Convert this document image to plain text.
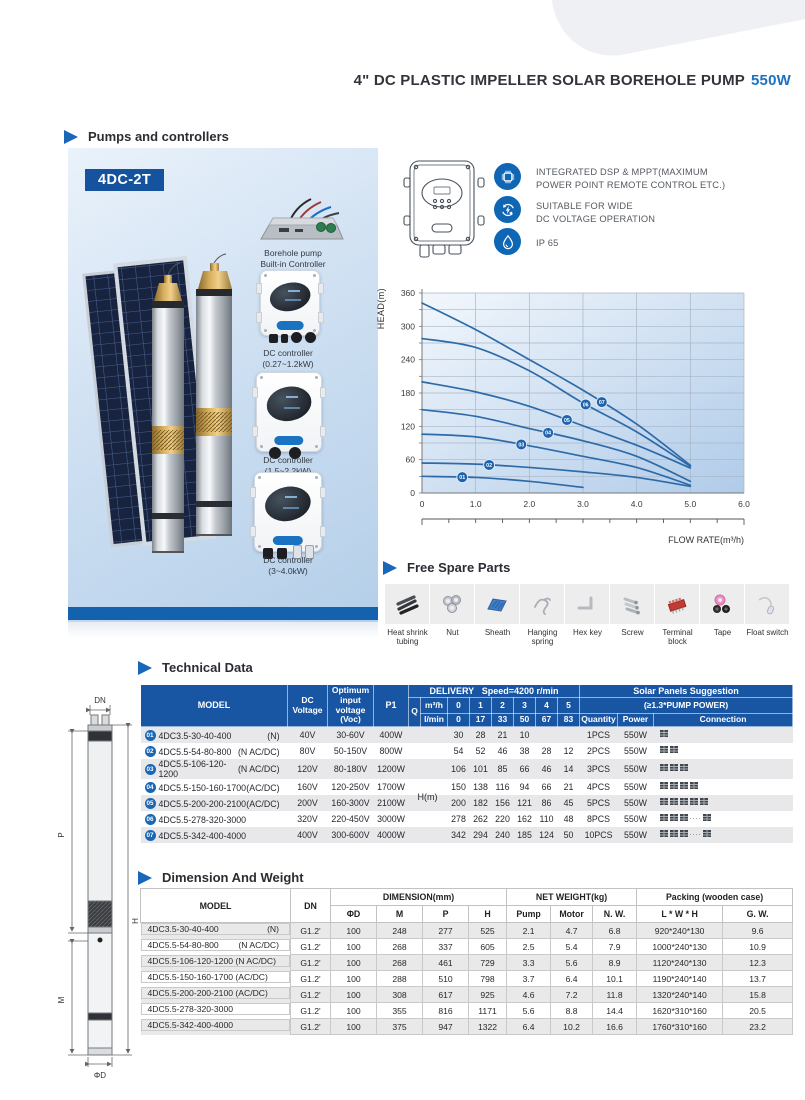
4" DC PLASTIC IMPELLER SOLAR BOREHOLE PUMP 550W
Pumps and controllers
Free Spare Parts
Technical Data
Dimension And Weight
4DC-2T
Borehole pump
Built-in Controller
DC controller
(0.27~1.2kW)
DC controller

DC controller
(3~4.0kW)
INTEGRATED DSP & MPPT(MAXIMUM
POWER POINT REMOTE CONTROL ETC.)
SUITABLE FOR WIDE
DC VOLTAGE OPERATION
IP 65
HEAD(m)
0
60
120
180
240
300
360
0	1.0	2.0	3.0	4.0	5.0	6.0
FLOW RATE(m³/h)
01
02
03
04
05
06 07
Heat shrink tubing
Nut	Sheath	Hanging spring
Hex key	Screw	Terminal block
Tape	Float switch
MODEL	DC Voltage	Optimum input voltage (Voc)	P1	DELIVERY Speed=4200 r/min								Solar Panels Suggestion		
				Q	m³/h	0	1	2	3	4	5	(≥1.3*PUMP POWER)		
					l/min	0	17	33	50	67	83	Quantity	Power	Connection

01 4DC3.5-30-40-400	(N) 40V	30-60V	400W			30	28	21	10			1PCS	550W	

02 4DC5.5-54-80-800 (N AC/DC) 80V	50-150V	800W			54	52	46	38	28	12	2PCS	550W	

03 4DC5.5-106-120-1200	(N AC/DC) 120V	80-180V	1200W			106	101	85	66	46	14	3PCS	550W	

04 4DC5.5-150-160-1700 (AC/DC) 160V	120-250V	1700W			150	138	116	94	66	21	4PCS	550W	

05 4DC5.5-200-200-2100 (AC/DC) 200V	160-300V	2100W			200	182	156	121	86	45	5PCS	550W	

06 4DC5.5-278-320-3000	320V	220-450V	3000W			278	262	220	162	110	48	8PCS	550W		....

07 4DC5.5-342-400-4000	400V	300-600V	4000W			342	294	240	185	124	50	10PCS	550W		....
H(m)
MODEL	DN	DIMENSION(mm)				NET WEIGHT(kg)			Packing (wooden case)	
		ΦD	M	P	H	Pump	Motor	N. W.	L * W * H	G. W.

4DC3.5-30-40-400	(N) G1.2'	100	248	277	525	2.1	4.7	6.8	920*240*130	9.6

4DC5.5-54-80-800 (N AC/DC) G1.2'	100	268	337	605	2.5	5.4	7.9	1000*240*130	10.9

4DC5.5-106-120-1200 (N AC/DC)	G1.2'	100	268	461	729	3.3	5.6	8.9	1120*240*130	12.3

4DC5.5-150-160-1700 (AC/DC)	G1.2'	100	288	510	798	3.7	6.4	10.1	1190*240*140	13.7

4DC5.5-200-200-2100 (AC/DC)	G1.2'	100	308	617	925	4.6	7.2	11.8	1320*240*140	15.8

4DC5.5-278-320-3000	G1.2'	100	355	816	1171	5.6	8.8	14.4	1620*310*160	20.5

4DC5.5-342-400-4000	G1.2'	100	375	947	1322	6.4	10.2	16.6	1760*310*160	23.2
DN
P
M
H
ΦD
